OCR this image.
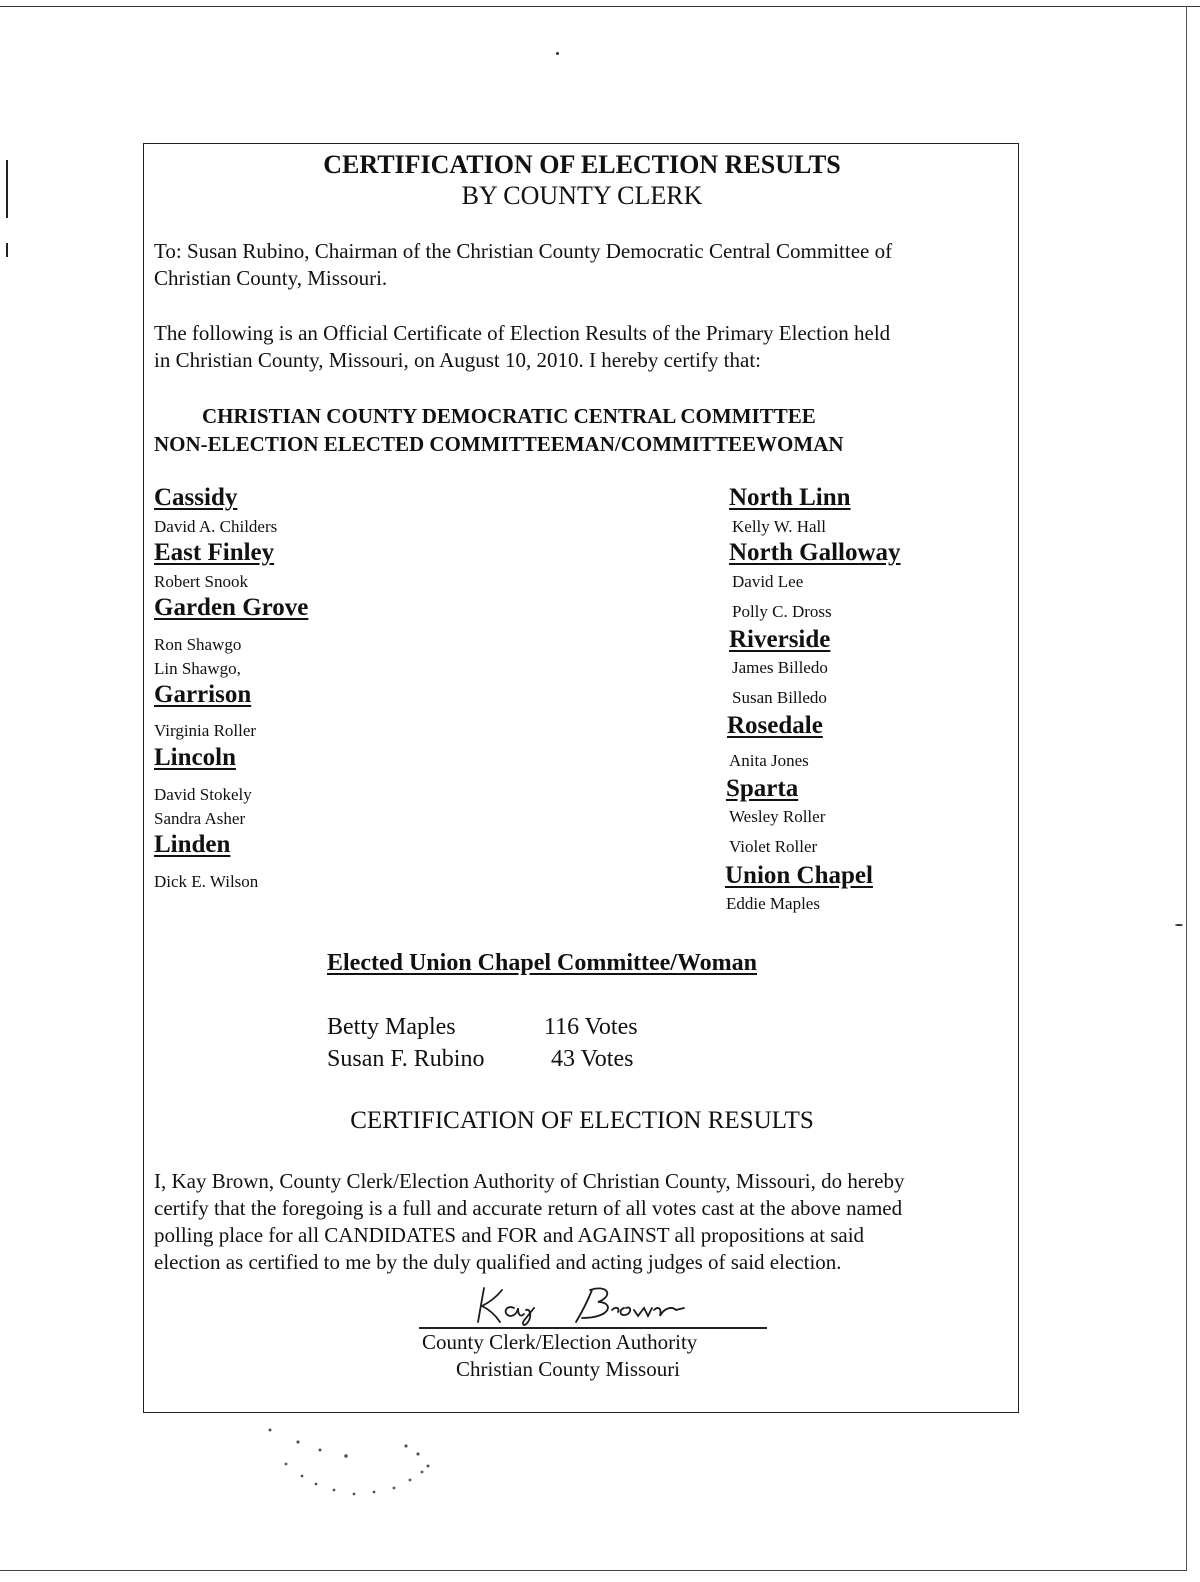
CERTIFICATION OF ELECTION RESULTS
BY COUNTY CLERK
To: Susan Rubino, Chairman of the Christian County Democratic Central Committee of
Christian County, Missouri.
The following is an Official Certificate of Election Results of the Primary Election held
in Christian County, Missouri, on August 10, 2010. I hereby certify that:
CHRISTIAN COUNTY DEMOCRATIC CENTRAL COMMITTEE
NON-ELECTION ELECTED COMMITTEEMAN/COMMITTEEWOMAN
Cassidy
David A. Childers
East Finley
Robert Snook
Garden Grove
Ron Shawgo
Lin Shawgo,
Garrison
Virginia Roller
Lincoln
David Stokely
Sandra Asher
Linden
Dick E. Wilson
North Linn
Kelly W. Hall
North Galloway
David Lee
Polly C. Dross
Riverside
James Billedo
Susan Billedo
Rosedale
Anita Jones
Sparta
Wesley Roller
Violet Roller
Union Chapel
Eddie Maples
Elected Union Chapel Committee/Woman
Betty Maples	116 Votes
Susan F. Rubino	43 Votes
CERTIFICATION OF ELECTION RESULTS
I, Kay Brown, County Clerk/Election Authority of Christian County, Missouri, do hereby
certify that the foregoing is a full and accurate return of all votes cast at the above named
polling place for all CANDIDATES and FOR and AGAINST all propositions at said
election as certified to me by the duly qualified and acting judges of said election.
County Clerk/Election Authority
Christian County Missouri
